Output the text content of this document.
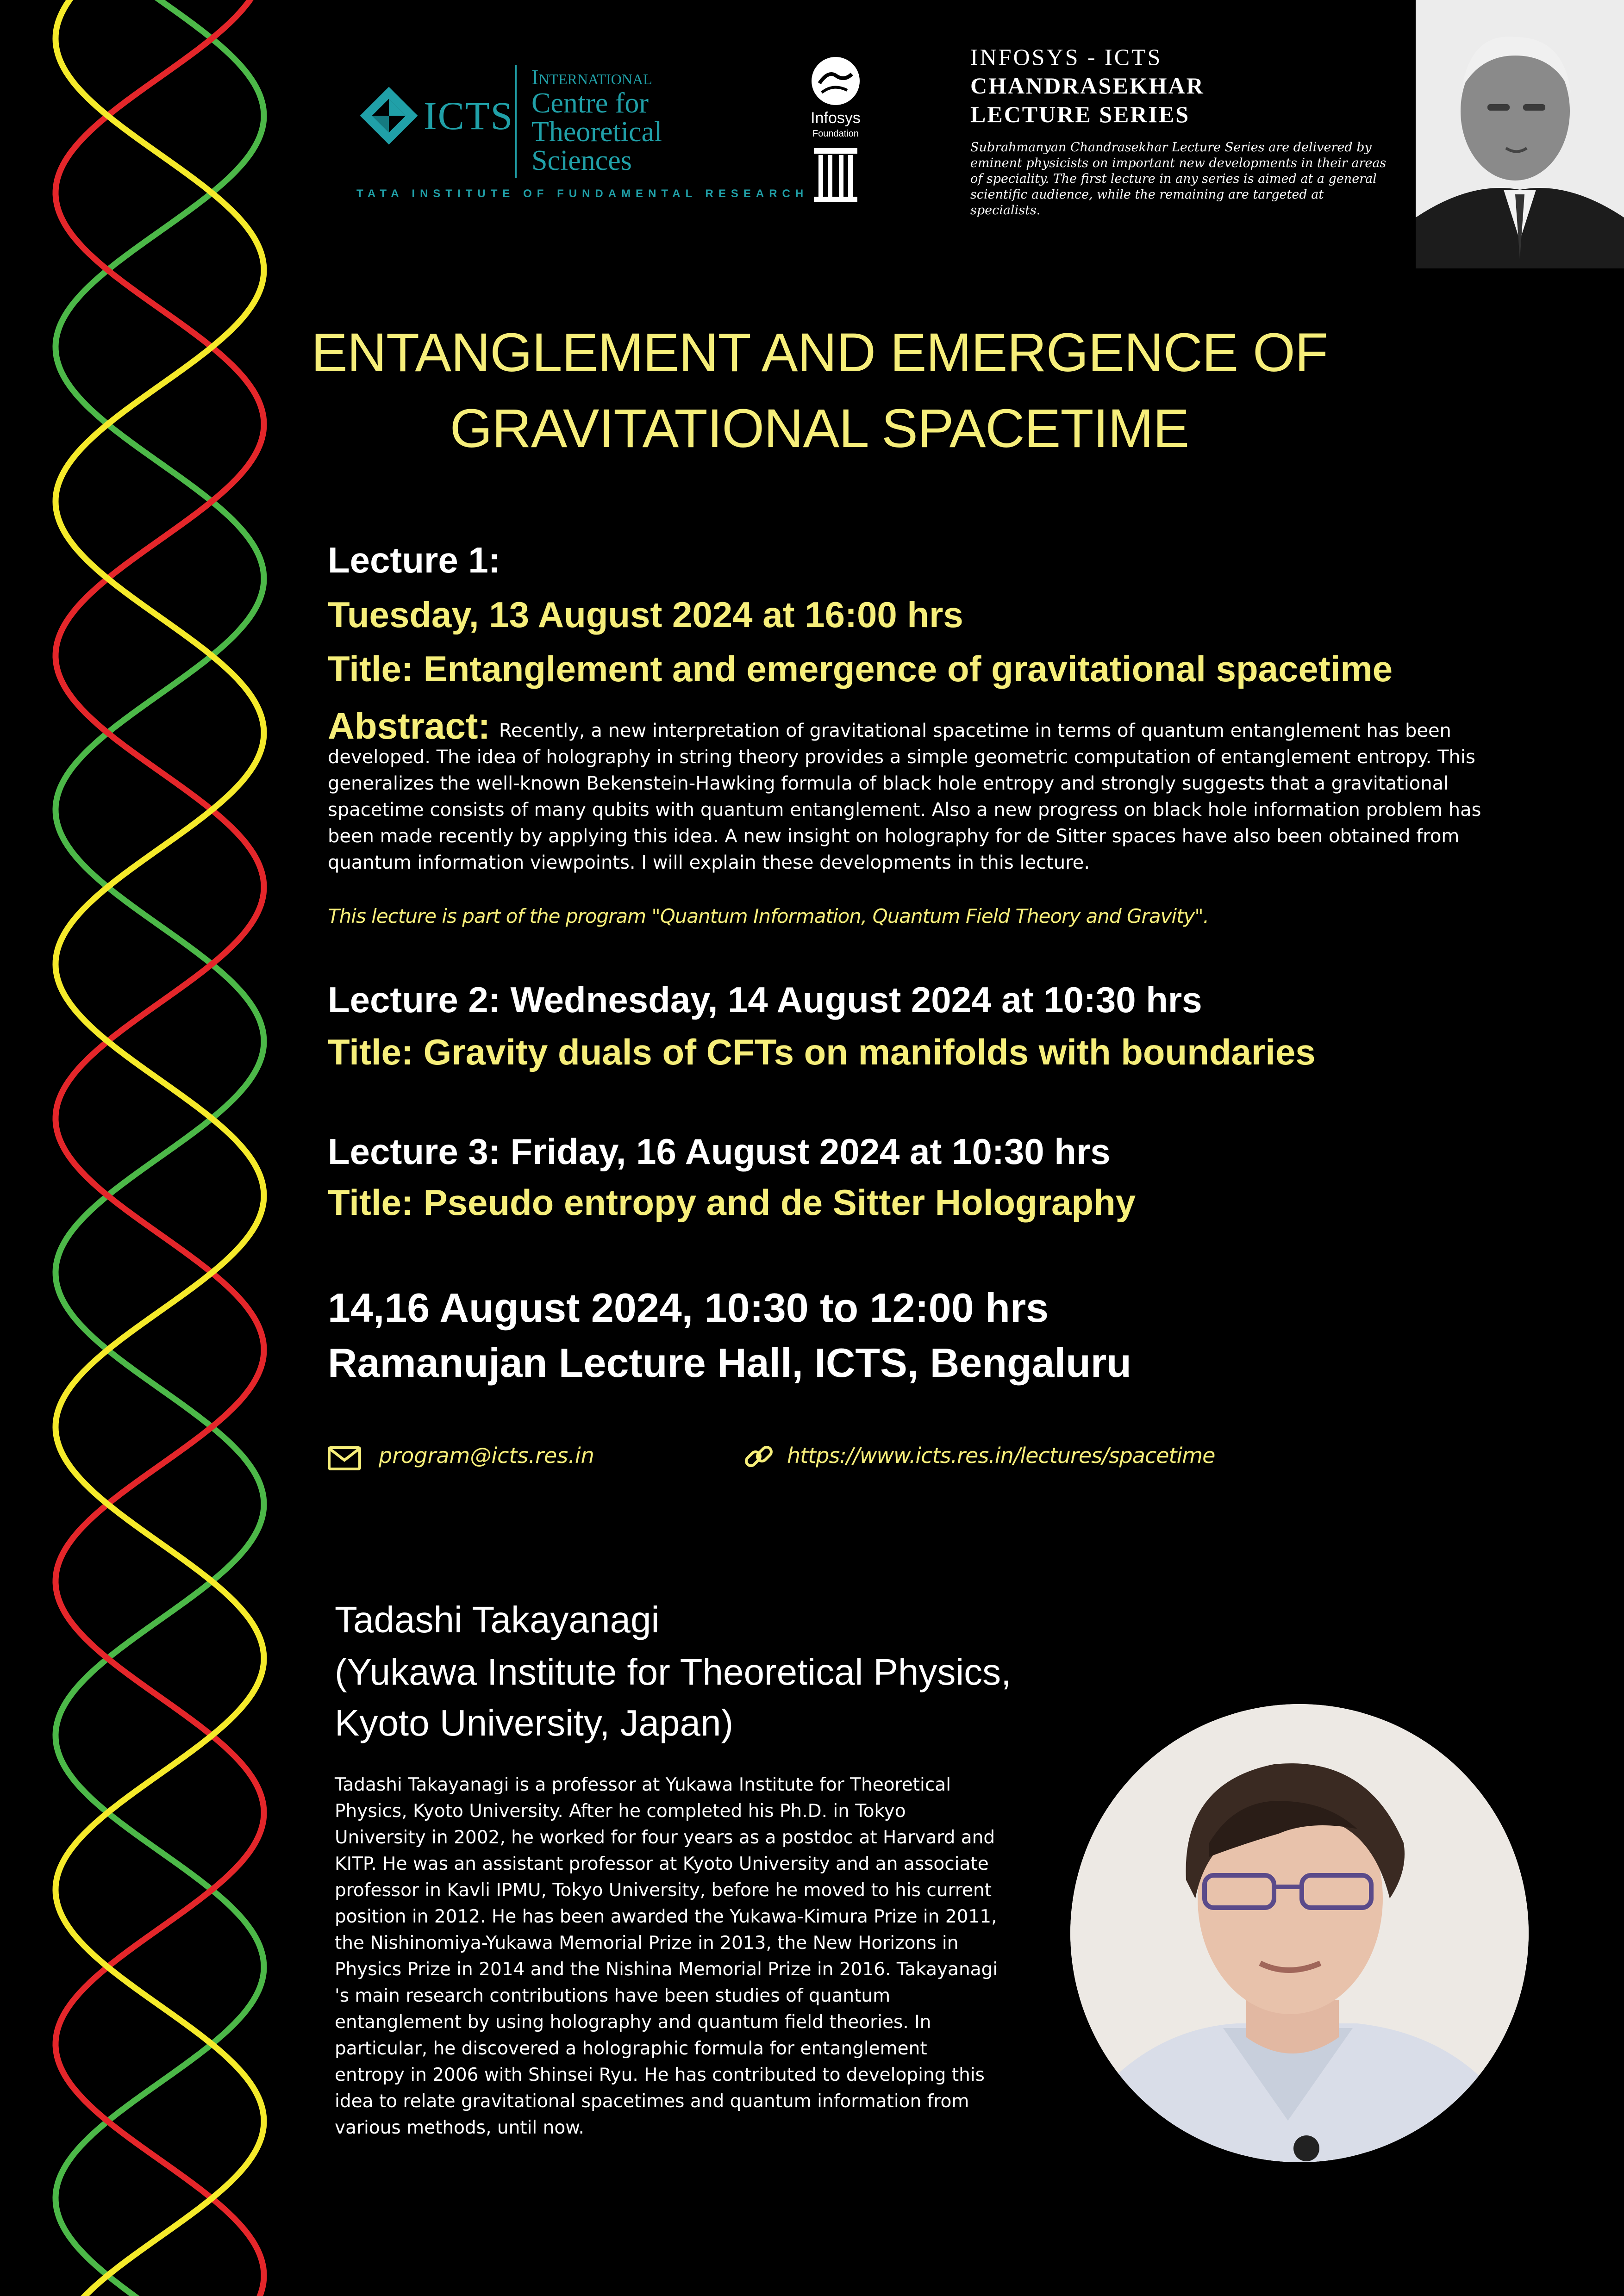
ICTS
International
Centre for
Theoretical
Sciences
TATA INSTITUTE OF FUNDAMENTAL RESEARCH
Infosys
Foundation
INFOSYS - ICTS
CHANDRASEKHAR
LECTURE SERIES
Subrahmanyan Chandrasekhar Lecture Series are delivered by eminent physicists on important new developments in their areas of speciality. The first lecture in any series is aimed at a general scientific audience, while the remaining are targeted at specialists.
ENTANGLEMENT AND EMERGENCE OF
GRAVITATIONAL SPACETIME
Lecture 1:
Tuesday, 13 August 2024 at 16:00 hrs
Title: Entanglement and emergence of gravitational spacetime
Abstract: Recently, a new interpretation of gravitational spacetime in terms of quantum entanglement has been developed. The idea of holography in string theory provides a simple geometric computation of entanglement entropy. This generalizes the well-known Bekenstein-Hawking formula of black hole entropy and strongly suggests that a gravitational spacetime consists of many qubits with quantum entanglement. Also a new progress on black hole information problem has been made recently by applying this idea. A new insight on holography for de Sitter spaces have also been obtained from quantum information viewpoints. I will explain these developments in this lecture.
This lecture is part of the program "Quantum Information, Quantum Field Theory and Gravity".
Lecture 2: Wednesday, 14 August 2024 at 10:30 hrs
Title: Gravity duals of CFTs on manifolds with boundaries
Lecture 3: Friday, 16 August 2024 at 10:30 hrs
Title: Pseudo entropy and de Sitter Holography
14,16 August 2024, 10:30 to 12:00 hrs
Ramanujan Lecture Hall, ICTS, Bengaluru
program@icts.res.in	https://www.icts.res.in/lectures/spacetime
Tadashi Takayanagi
(Yukawa Institute for Theoretical Physics,
Kyoto University, Japan)
Tadashi Takayanagi is a professor at Yukawa Institute for Theoretical Physics, Kyoto University. After he completed his Ph.D. in Tokyo University in 2002, he worked for four years as a postdoc at Harvard and KITP. He was an assistant professor at Kyoto University and an associate professor in Kavli IPMU, Tokyo University, before he moved to his current position in 2012. He has been awarded the Yukawa-Kimura Prize in 2011, the Nishinomiya-Yukawa Memorial Prize in 2013, the New Horizons in Physics Prize in 2014 and the Nishina Memorial Prize in 2016. Takayanagi 's main research contributions have been studies of quantum entanglement by using holography and quantum field theories. In particular, he discovered a holographic formula for entanglement entropy in 2006 with Shinsei Ryu. He has contributed to developing this idea to relate gravitational spacetimes and quantum information from various methods, until now.
